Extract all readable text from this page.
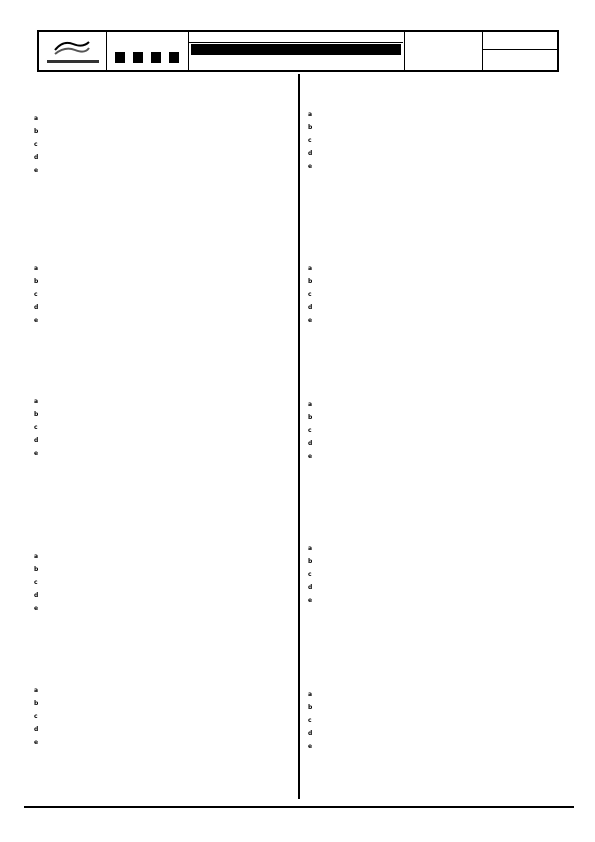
a
b
c
d
e
a
b
c
d
e
a
b
c
d
e
a
b
c
d
e
a
b
c
d
e
a
b
c
d
e
a
b
c
d
e
a
b
c
d
e
a
b
c
d
e
a
b
c
d
e
